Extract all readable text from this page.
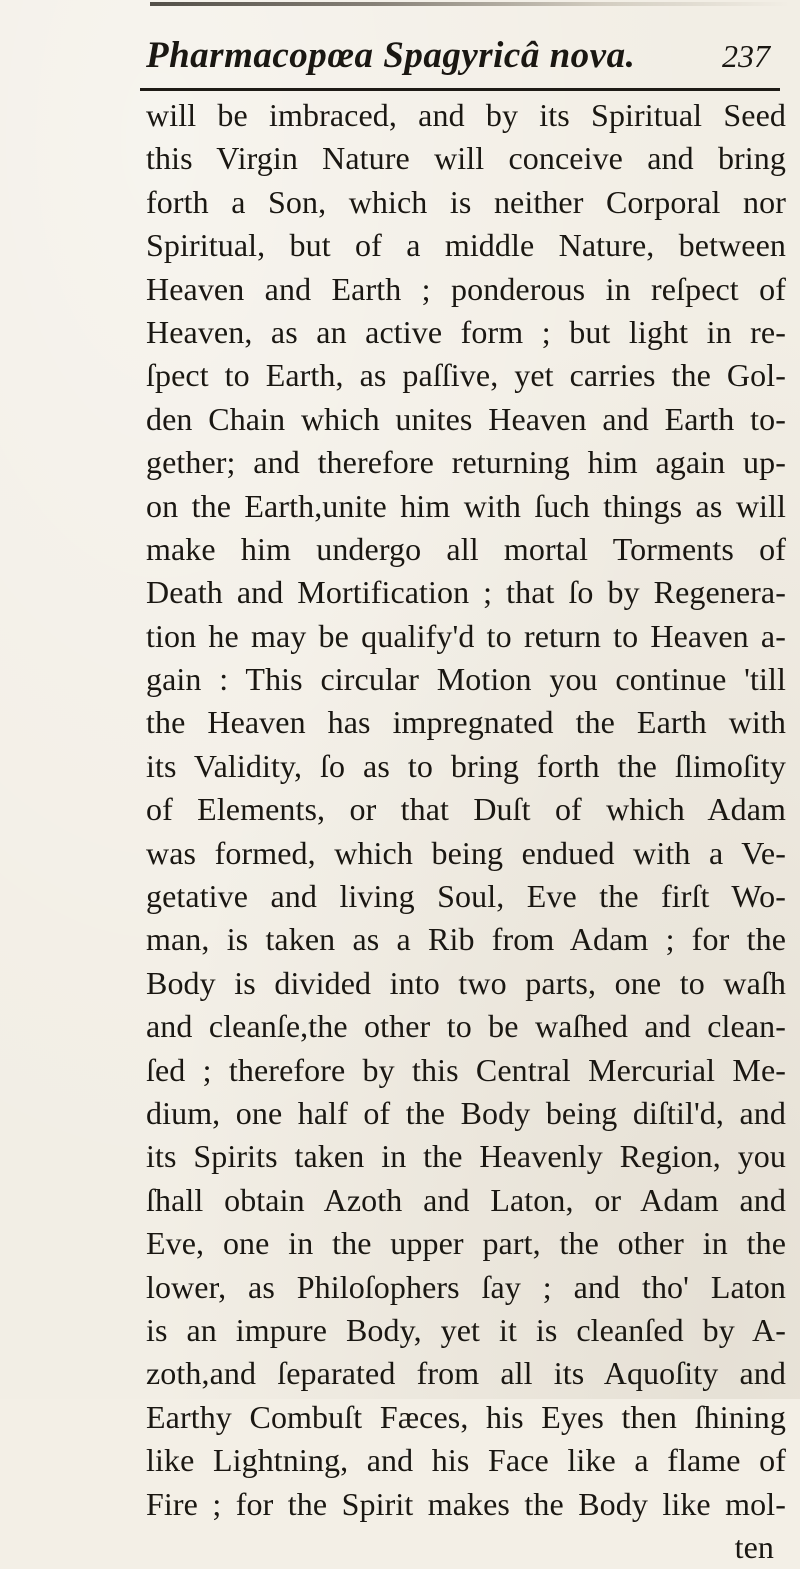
Pharmacopœa Spagyricâ nova.	237
will be imbraced, and by its Spiritual Seed
this Virgin Nature will conceive and bring
forth a Son, which is neither Corporal nor
Spiritual, but of a middle Nature, between
Heaven and Earth ; ponderous in reſpect of
Heaven, as an active form ; but light in re-
ſpect to Earth, as paſſive, yet carries the Gol-
den Chain which unites Heaven and Earth to-
gether; and therefore returning him again up-
on the Earth,unite him with ſuch things as will
make him undergo all mortal Torments of
Death and Mortification ; that ſo by Regenera-
tion he may be qualify'd to return to Heaven a-
gain : This circular Motion you continue 'till
the Heaven has impregnated the Earth with
its Validity, ſo as to bring forth the ſlimoſity
of Elements, or that Duſt of which Adam
was formed, which being endued with a Ve-
getative and living Soul, Eve the firſt Wo-
man, is taken as a Rib from Adam ; for the
Body is divided into two parts, one to waſh
and cleanſe,the other to be waſhed and clean-
ſed ; therefore by this Central Mercurial Me-
dium, one half of the Body being diſtil'd, and
its Spirits taken in the Heavenly Region, you
ſhall obtain Azoth and Laton, or Adam and
Eve, one in the upper part, the other in the
lower, as Philoſophers ſay ; and tho' Laton
is an impure Body, yet it is cleanſed by A-
zoth,and ſeparated from all its Aquoſity and
Earthy Combuſt Fæces, his Eyes then ſhining
like Lightning, and his Face like a flame of
Fire ; for the Spirit makes the Body like mol-
ten
